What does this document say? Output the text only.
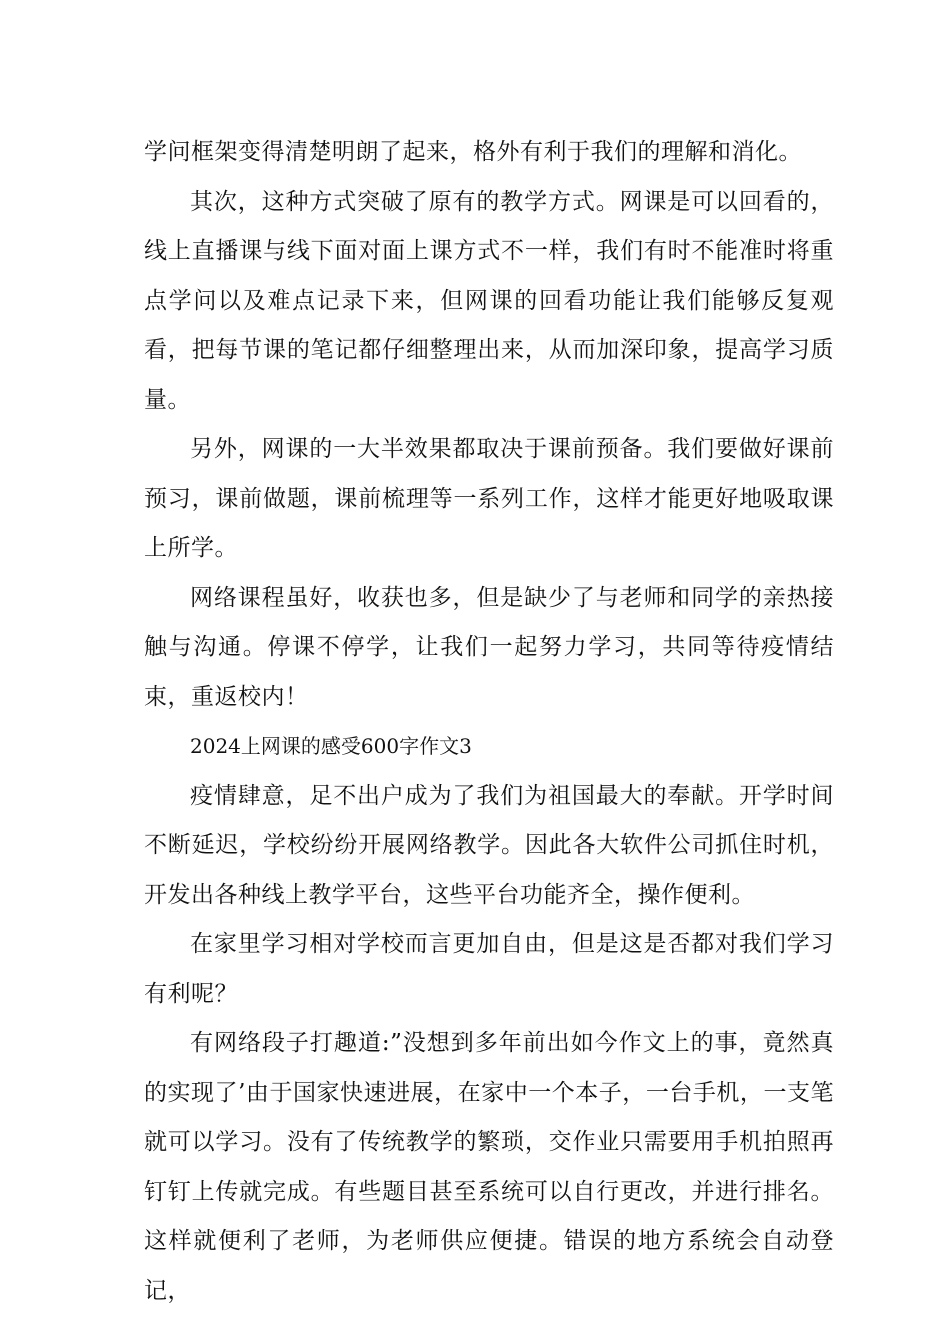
学问框架变得清楚明朗了起来，格外有利于我们的理解和消化。

其次，这种方式突破了原有的教学方式。网课是可以回看的，线上直播课与线下面对面上课方式不一样，我们有时不能准时将重点学问以及难点记录下来，但网课的回看功能让我们能够反复观看，把每节课的笔记都仔细整理出来，从而加深印象，提高学习质量。

另外，网课的一大半效果都取决于课前预备。我们要做好课前预习，课前做题，课前梳理等一系列工作，这样才能更好地吸取课上所学。

网络课程虽好，收获也多，但是缺少了与老师和同学的亲热接触与沟通。停课不停学，让我们一起努力学习，共同等待疫情结束，重返校内！

2024上网课的感受600字作文3

疫情肆意，足不出户成为了我们为祖国最大的奉献。开学时间不断延迟，学校纷纷开展网络教学。因此各大软件公司抓住时机，开发出各种线上教学平台，这些平台功能齐全，操作便利。

在家里学习相对学校而言更加自由，但是这是否都对我们学习有利呢？

有网络段子打趣道:”没想到多年前出如今作文上的事，竟然真的实现了’由于国家快速进展，在家中一个本子，一台手机，一支笔就可以学习。没有了传统教学的繁琐，交作业只需要用手机拍照再钉钉上传就完成。有些题目甚至系统可以自行更改，并进行排名。这样就便利了老师，为老师供应便捷。错误的地方系统会自动登记，
